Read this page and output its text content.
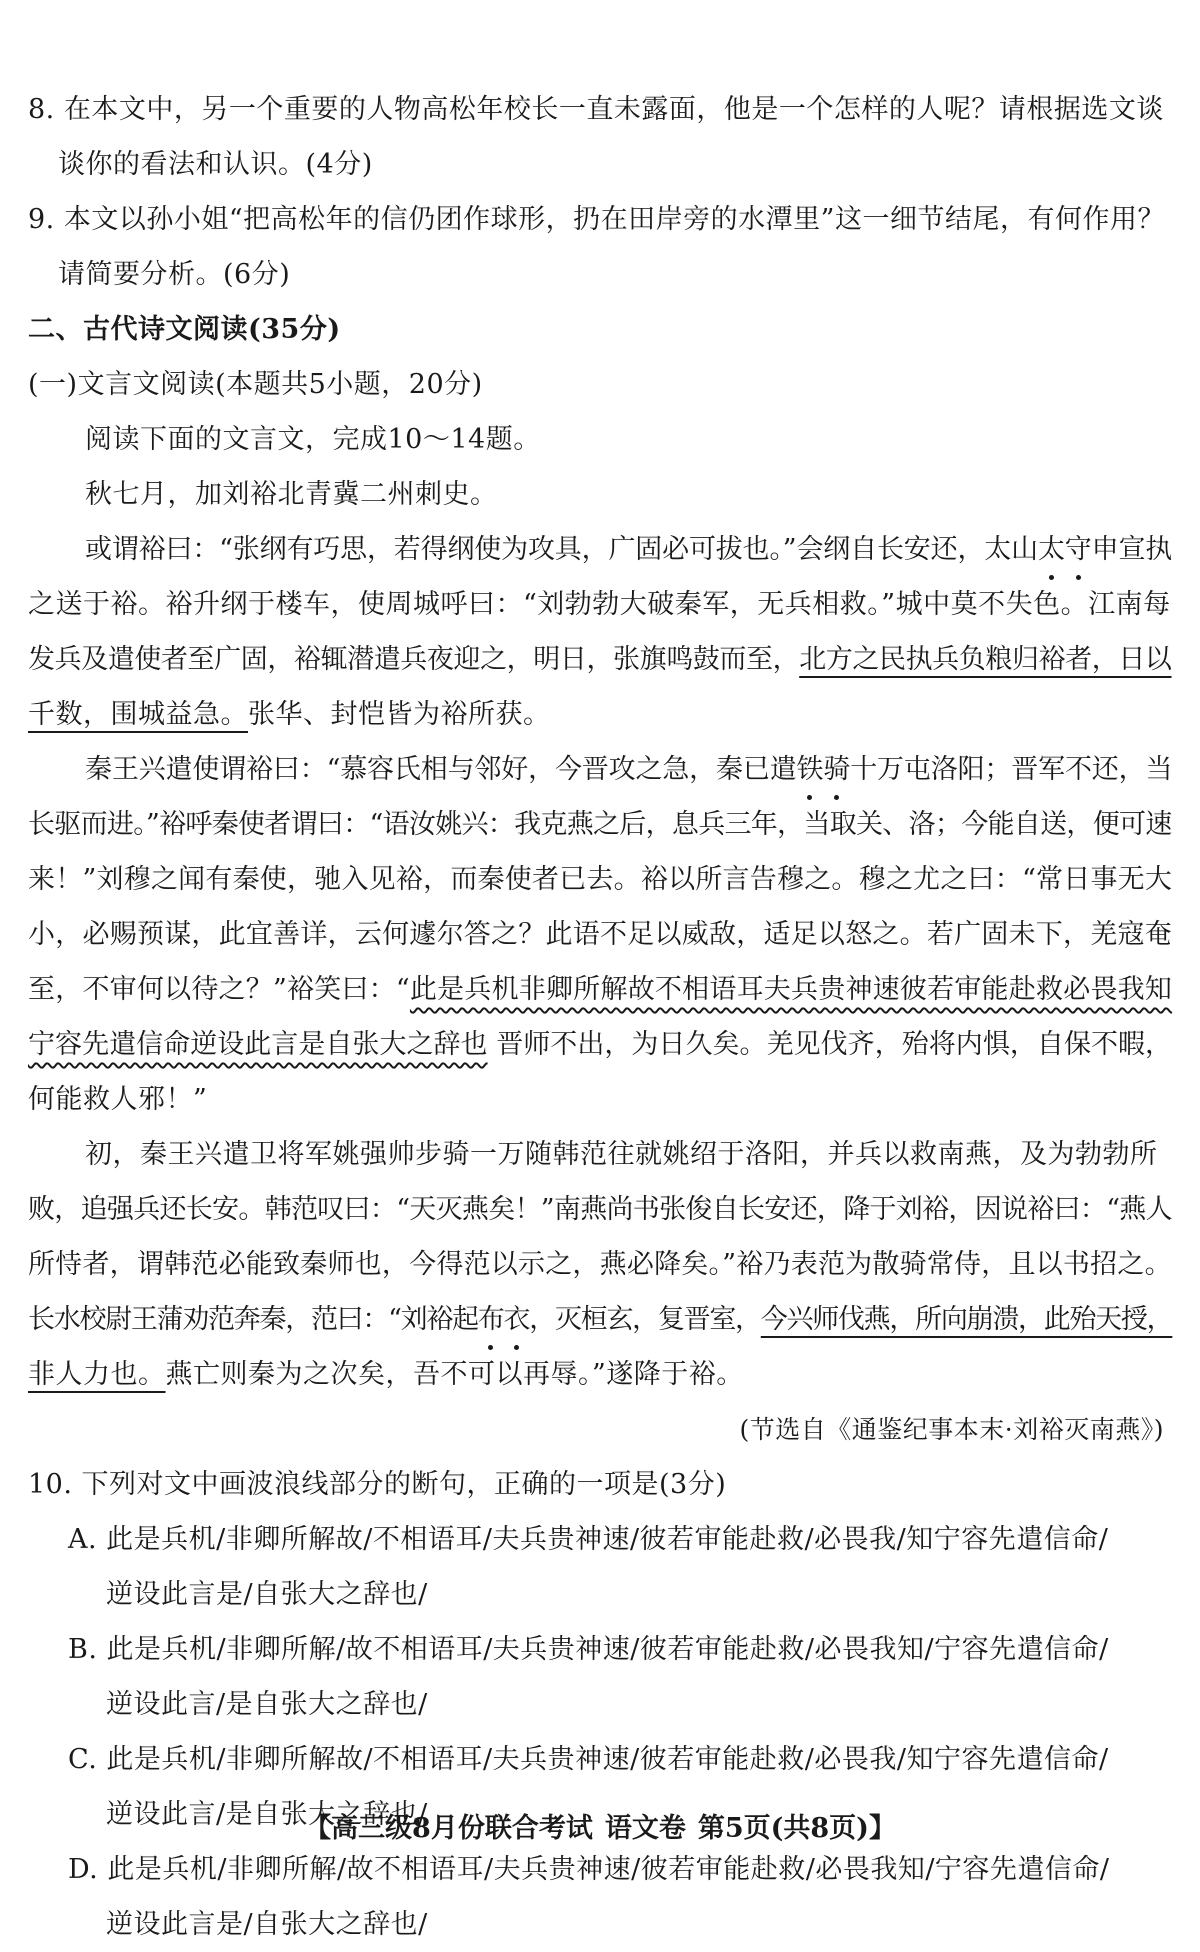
8. 在本文中，另一个重要的人物高松年校长一直未露面，他是一个怎样的人呢？请根据选文谈
谈你的看法和认识。(4分)
9. 本文以孙小姐“把高松年的信仍团作球形，扔在田岸旁的水潭里”这一细节结尾，有何作用？
请简要分析。(6分)
二、古代诗文阅读(35分)
(一)文言文阅读(本题共5小题，20分)
阅读下面的文言文，完成10～14题。
秋七月，加刘裕北青冀二州刺史。
或谓裕曰：“张纲有巧思，若得纲使为攻具，广固必可拔也。”会纲自长安还，太山太守申宣执
之送于裕。裕升纲于楼车，使周城呼曰：“刘勃勃大破秦军，无兵相救。”城中莫不失色。江南每
发兵及遣使者至广固，裕辄潜遣兵夜迎之，明日，张旗鸣鼓而至，北方之民执兵负粮归裕者，日以
千数，围城益急。张华、封恺皆为裕所获。
秦王兴遣使谓裕曰：“慕容氏相与邻好，今晋攻之急，秦已遣铁骑十万屯洛阳；晋军不还，当
长驱而进。”裕呼秦使者谓曰：“语汝姚兴：我克燕之后，息兵三年，当取关、洛；今能自送，便可速
来！”刘穆之闻有秦使，驰入见裕，而秦使者已去。裕以所言告穆之。穆之尤之曰：“常日事无大
小，必赐预谋，此宜善详，云何遽尔答之？此语不足以威敌，适足以怒之。若广固未下，羌寇奄
至，不审何以待之？”裕笑曰：“此是兵机非卿所解故不相语耳夫兵贵神速彼若审能赴救必畏我知
宁容先遣信命逆设此言是自张大之辞也 晋师不出，为日久矣。羌见伐齐，殆将内惧，自保不暇，
何能救人邪！”
初，秦王兴遣卫将军姚强帅步骑一万随韩范往就姚绍于洛阳，并兵以救南燕，及为勃勃所
败，追强兵还长安。韩范叹曰：“天灭燕矣！”南燕尚书张俊自长安还，降于刘裕，因说裕曰：“燕人
所恃者，谓韩范必能致秦师也，今得范以示之，燕必降矣。”裕乃表范为散骑常侍，且以书招之。
长水校尉王蒲劝范奔秦，范曰：“刘裕起布衣，灭桓玄，复晋室，今兴师伐燕，所向崩溃，此殆天授，
非人力也。燕亡则秦为之次矣，吾不可以再辱。”遂降于裕。
(节选自《通鉴纪事本末·刘裕灭南燕》)
10. 下列对文中画波浪线部分的断句，正确的一项是(3分)
A. 此是兵机/非卿所解故/不相语耳/夫兵贵神速/彼若审能赴救/必畏我/知宁容先遣信命/
逆设此言是/自张大之辞也/
B. 此是兵机/非卿所解/故不相语耳/夫兵贵神速/彼若审能赴救/必畏我知/宁容先遣信命/
逆设此言/是自张大之辞也/
C. 此是兵机/非卿所解故/不相语耳/夫兵贵神速/彼若审能赴救/必畏我/知宁容先遣信命/
逆设此言/是自张大之辞也/
D. 此是兵机/非卿所解/故不相语耳/夫兵贵神速/彼若审能赴救/必畏我知/宁容先遣信命/
逆设此言是/自张大之辞也/
【高三级8月份联合考试 语文卷 第5页(共8页)】
